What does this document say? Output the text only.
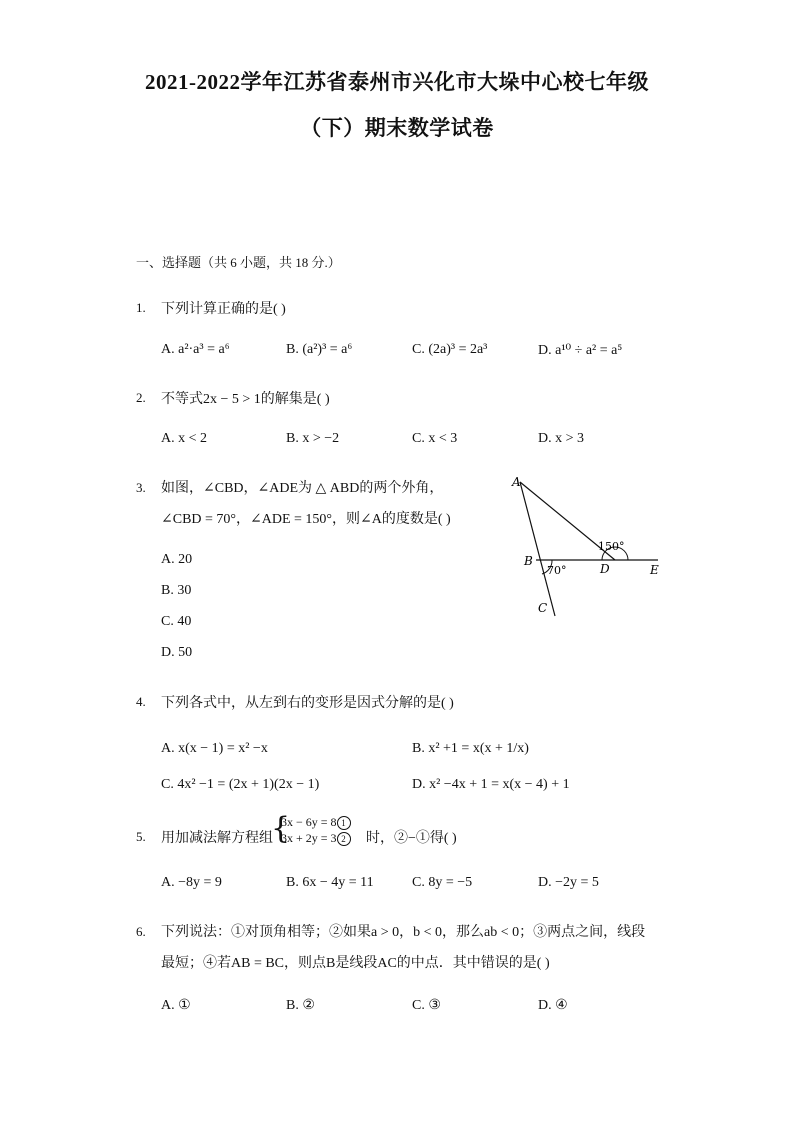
2021-2022学年江苏省泰州市兴化市大垛中心校七年级
（下）期末数学试卷
一、选择题（共 6 小题，共 18 分.）
1. 下列计算正确的是( )
A. a²·a³ = a⁶	B. (a²)³ = a⁶	C. (2a)³ = 2a³	D. a¹⁰ ÷ a² = a⁵
2. 不等式2x − 5 > 1的解集是( )
A. x < 2	B. x > −2	C. x < 3	D. x > 3
3. 如图，∠CBD，∠ADE为 △ ABD的两个外角，
∠CBD = 70°，∠ADE = 150°，则∠A的度数是( )
A. 20
B. 30
C. 40
D. 50
A
B
C
D	E
150°
70°
4. 下列各式中，从左到右的变形是因式分解的是( )
A. x(x − 1) = x² −x	B. x² +1 = x(x + 1/x)
C. 4x² −1 = (2x + 1)(2x − 1)	D. x² −4x + 1 = x(x − 4) + 1
5. 用加减法解方程组
{
3x − 6y = 8 1
3x + 2y = 3 2	时，②−①得( )
A. −8y = 9	B. 6x − 4y = 11	C. 8y = −5	D. −2y = 5
6. 下列说法：①对顶角相等；②如果a > 0，b < 0，那么ab < 0；③两点之间，线段
最短；④若AB = BC，则点B是线段AC的中点．其中错误的是( )
A. ①	B. ②	C. ③	D. ④
